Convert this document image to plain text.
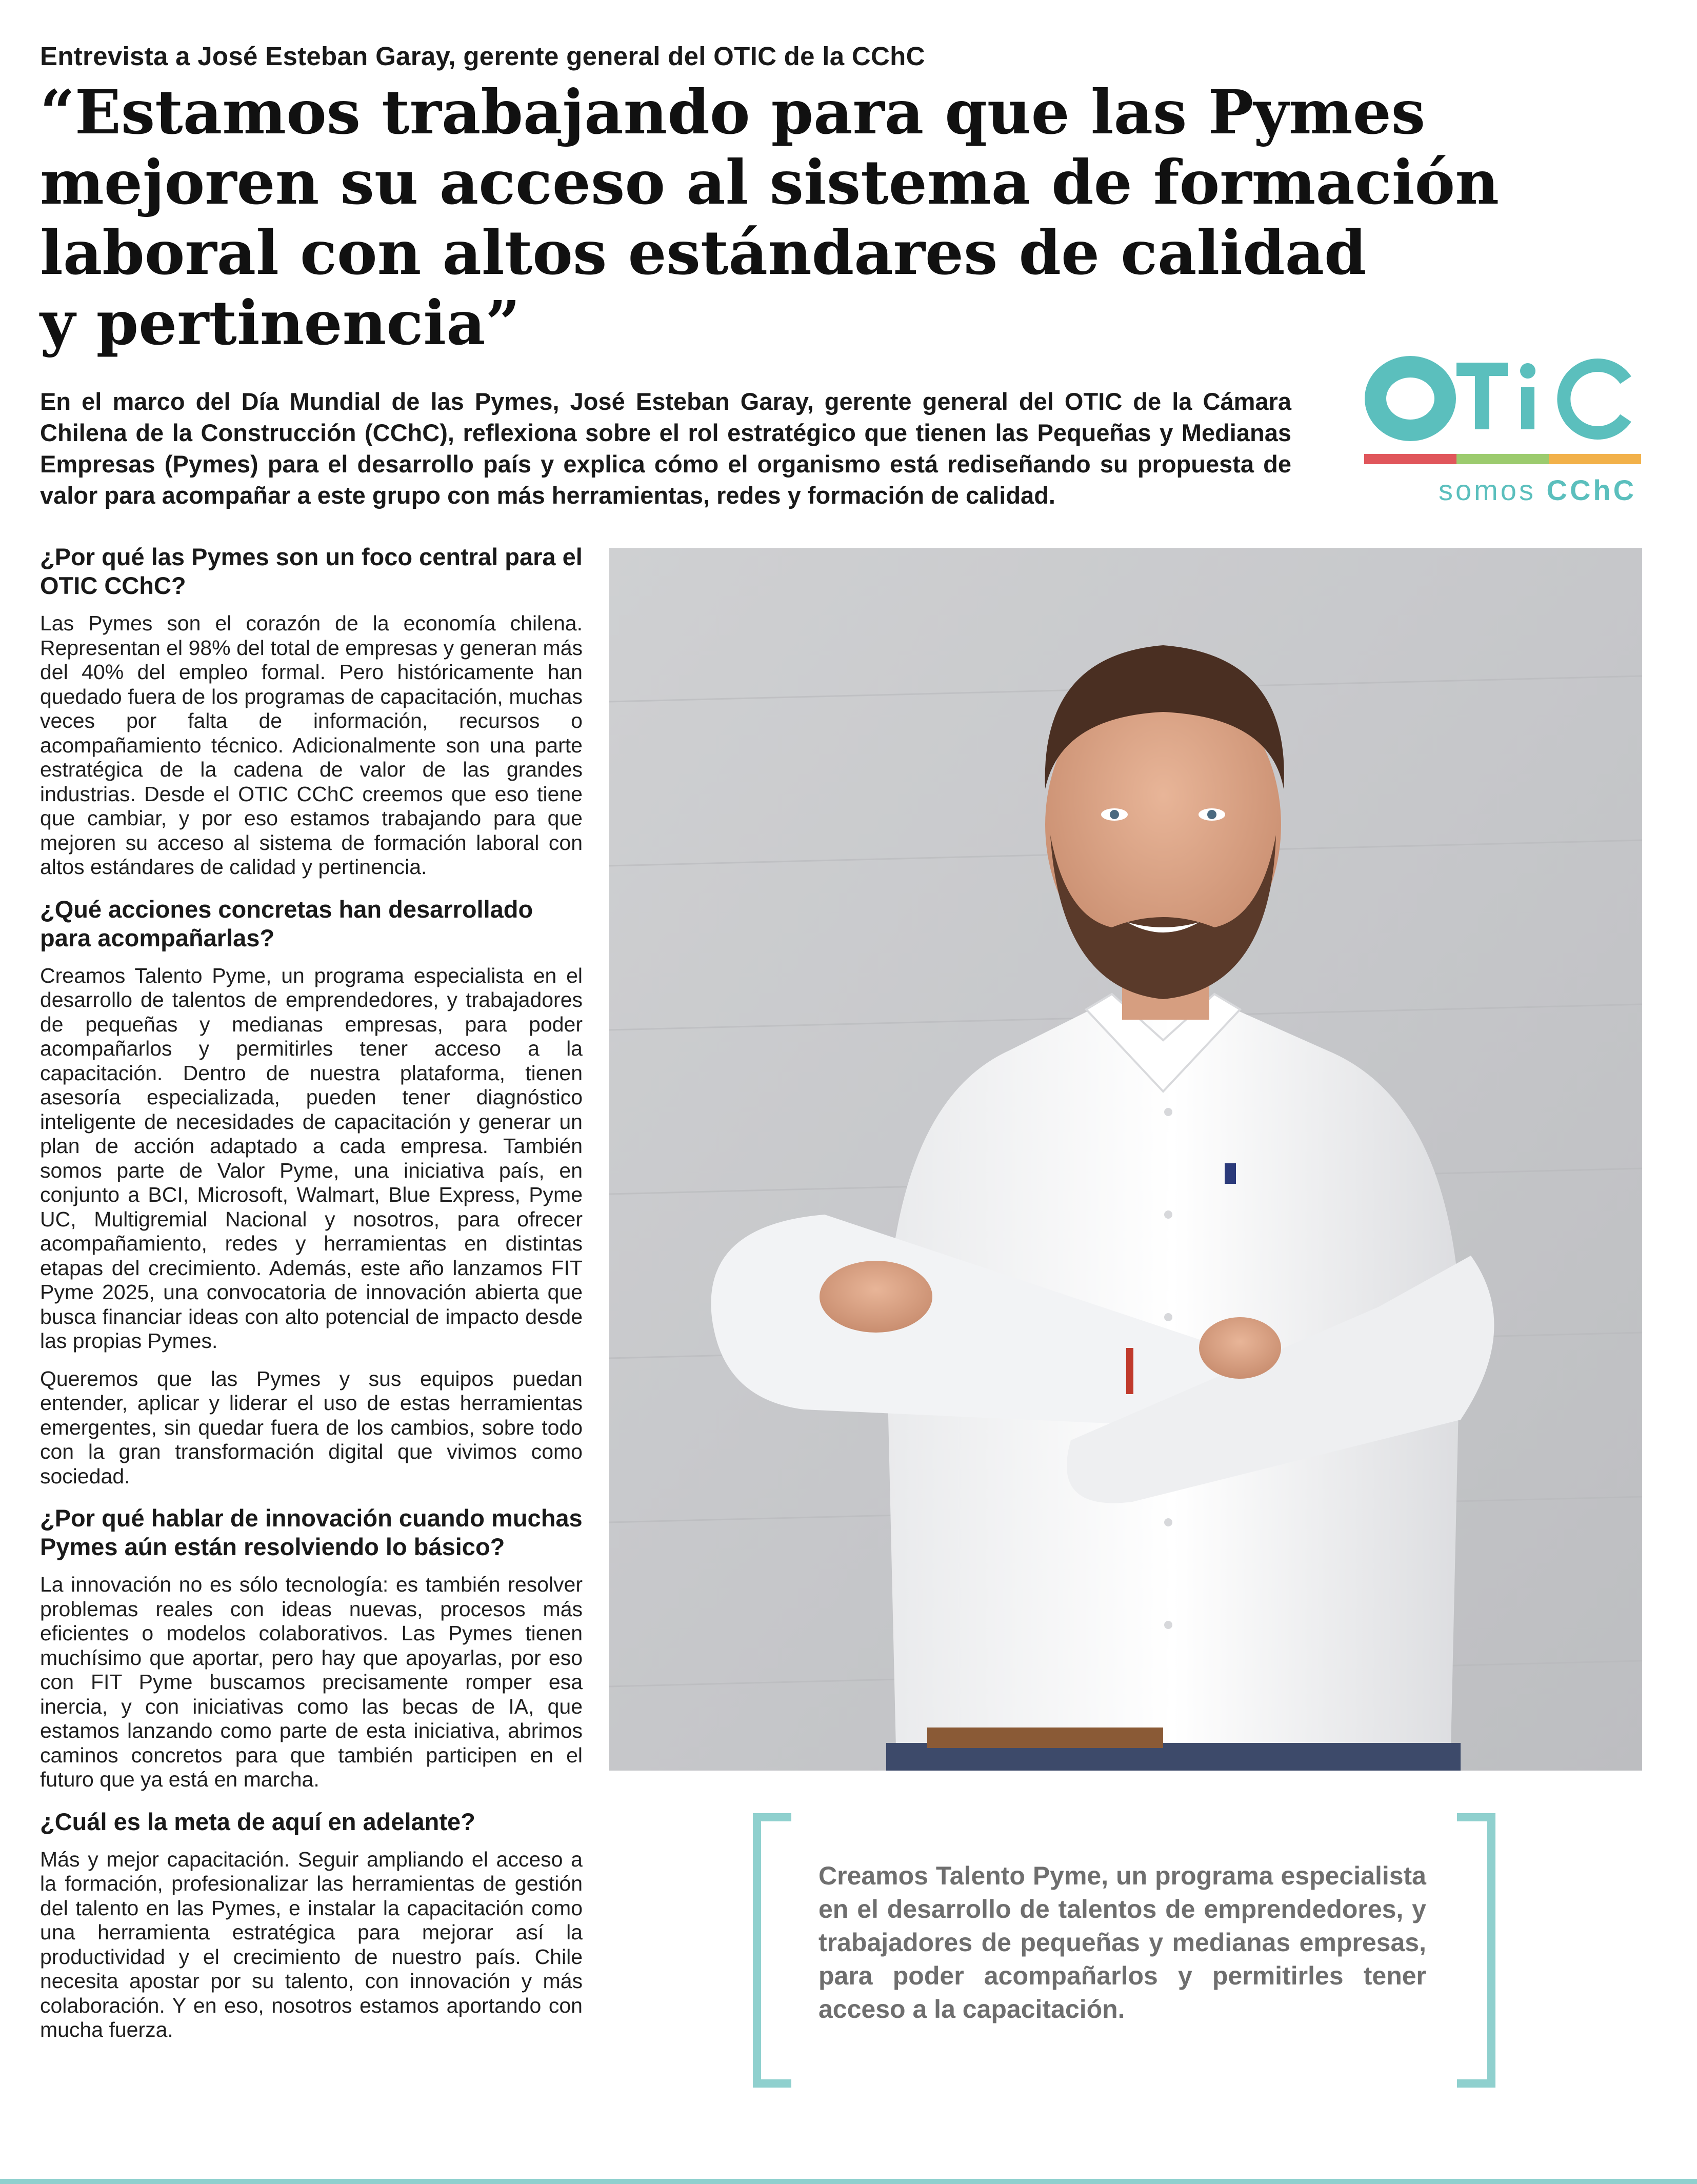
Entrevista a José Esteban Garay, gerente general del OTIC de la CChC
“Estamos trabajando para que las Pymes
mejoren su acceso al sistema de formación
laboral con altos estándares de calidad
y pertinencia”
En el marco del Día Mundial de las Pymes, José Esteban Garay, gerente general del OTIC de la Cámara Chilena de la Construcción (CChC), reflexiona sobre el rol estratégico que tienen las Pequeñas y Medianas Empresas (Pymes) para el desarrollo país y explica cómo el organismo está rediseñando su propuesta de valor para acompañar a este grupo con más herramientas, redes y formación de calidad.	somos CChC
¿Por qué las Pymes son un foco central para el OTIC CChC?
Las Pymes son el corazón de la economía chilena. Representan el 98% del total de empresas y generan más del 40% del empleo formal. Pero históricamente han quedado fuera de los programas de capacitación, muchas veces por falta de información, recursos o acompañamiento técnico. Adicionalmente son una parte estratégica de la cadena de valor de las grandes industrias. Desde el OTIC CChC creemos que eso tiene que cambiar, y por eso estamos trabajando para que mejoren su acceso al sistema de formación laboral con altos estándares de calidad y pertinencia.
¿Qué acciones concretas han desarrollado para acompañarlas?
Creamos Talento Pyme, un programa especialista en el desarrollo de talentos de emprendedores, y trabajadores de pequeñas y medianas empresas, para poder acompañarlos y permitirles tener acceso a la capacitación. Dentro de nuestra plataforma, tienen asesoría especializada, pueden tener diagnóstico inteligente de necesidades de capacitación y generar un plan de acción adaptado a cada empresa. También somos parte de Valor Pyme, una iniciativa país, en conjunto a BCI, Microsoft, Walmart, Blue Express, Pyme UC, Multigremial Nacional y nosotros, para ofrecer acompañamiento, redes y herramientas en distintas etapas del crecimiento. Además, este año lanzamos FIT Pyme 2025, una convocatoria de innovación abierta que busca financiar ideas con alto potencial de impacto desde las propias Pymes.
Queremos que las Pymes y sus equipos puedan entender, aplicar y liderar el uso de estas herramientas emergentes, sin quedar fuera de los cambios, sobre todo con la gran transformación digital que vivimos como sociedad.
¿Por qué hablar de innovación cuando muchas Pymes aún están resolviendo lo básico?
La innovación no es sólo tecnología: es también resolver problemas reales con ideas nuevas, procesos más eficientes o modelos colaborativos. Las Pymes tienen muchísimo que aportar, pero hay que apoyarlas, por eso con FIT Pyme buscamos precisamente romper esa inercia, y con iniciativas como las becas de IA, que estamos lanzando como parte de esta iniciativa, abrimos caminos concretos para que también participen en el futuro que ya está en marcha.
¿Cuál es la meta de aquí en adelante?
Más y mejor capacitación. Seguir ampliando el acceso a la formación, profesionalizar las herramientas de gestión del talento en las Pymes, e instalar la capacitación como una herramienta estratégica para mejorar así la productividad y el crecimiento de nuestro país. Chile necesita apostar por su talento, con innovación y más colaboración. Y en eso, nosotros estamos aportando con mucha fuerza.
Creamos Talento Pyme, un programa especialista en el desarrollo de talentos de emprendedores, y trabajadores de pequeñas y medianas empresas, para poder acompañarlos y permitirles tener acceso a la capacitación.
